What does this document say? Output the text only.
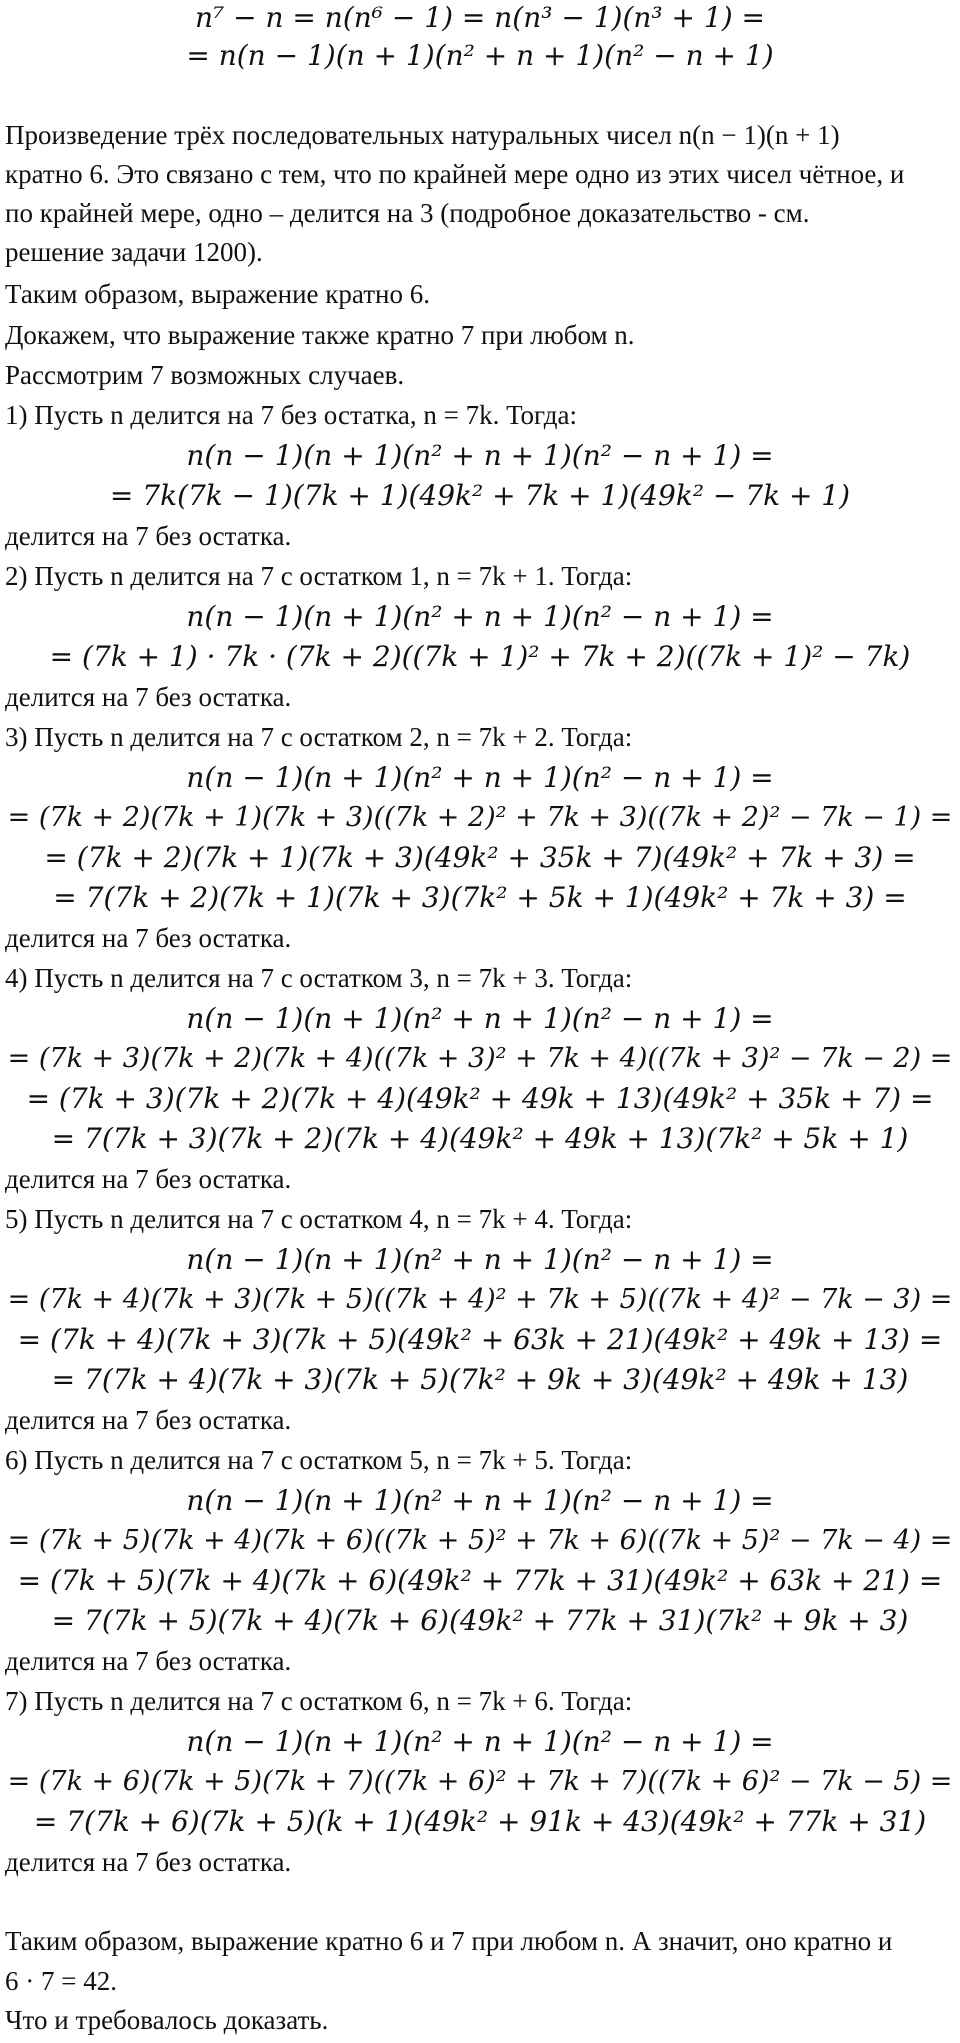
n⁷ − n = n(n⁶ − 1) = n(n³ − 1)(n³ + 1) =
= n(n − 1)(n + 1)(n² + n + 1)(n² − n + 1)
Произведение трёх последовательных натуральных чисел n(n − 1)(n + 1)
кратно 6. Это связано с тем, что по крайней мере одно из этих чисел чётное, и
по крайней мере, одно – делится на 3 (подробное доказательство - см.
решение задачи 1200).
Таким образом, выражение кратно 6.
Докажем, что выражение также кратно 7 при любом n.
Рассмотрим 7 возможных случаев.
1) Пусть n делится на 7 без остатка, n = 7k. Тогда:
n(n − 1)(n + 1)(n² + n + 1)(n² − n + 1) =
= 7k(7k − 1)(7k + 1)(49k² + 7k + 1)(49k² − 7k + 1)
делится на 7 без остатка.
2) Пусть n делится на 7 с остатком 1, n = 7k + 1. Тогда:
n(n − 1)(n + 1)(n² + n + 1)(n² − n + 1) =
= (7k + 1) · 7k · (7k + 2)((7k + 1)² + 7k + 2)((7k + 1)² − 7k)
делится на 7 без остатка.
3) Пусть n делится на 7 с остатком 2, n = 7k + 2. Тогда:
n(n − 1)(n + 1)(n² + n + 1)(n² − n + 1) =
= (7k + 2)(7k + 1)(7k + 3)((7k + 2)² + 7k + 3)((7k + 2)² − 7k − 1) =
= (7k + 2)(7k + 1)(7k + 3)(49k² + 35k + 7)(49k² + 7k + 3) =
= 7(7k + 2)(7k + 1)(7k + 3)(7k² + 5k + 1)(49k² + 7k + 3) =
делится на 7 без остатка.
4) Пусть n делится на 7 с остатком 3, n = 7k + 3. Тогда:
n(n − 1)(n + 1)(n² + n + 1)(n² − n + 1) =
= (7k + 3)(7k + 2)(7k + 4)((7k + 3)² + 7k + 4)((7k + 3)² − 7k − 2) =
= (7k + 3)(7k + 2)(7k + 4)(49k² + 49k + 13)(49k² + 35k + 7) =
= 7(7k + 3)(7k + 2)(7k + 4)(49k² + 49k + 13)(7k² + 5k + 1)
делится на 7 без остатка.
5) Пусть n делится на 7 с остатком 4, n = 7k + 4. Тогда:
n(n − 1)(n + 1)(n² + n + 1)(n² − n + 1) =
= (7k + 4)(7k + 3)(7k + 5)((7k + 4)² + 7k + 5)((7k + 4)² − 7k − 3) =
= (7k + 4)(7k + 3)(7k + 5)(49k² + 63k + 21)(49k² + 49k + 13) =
= 7(7k + 4)(7k + 3)(7k + 5)(7k² + 9k + 3)(49k² + 49k + 13)
делится на 7 без остатка.
6) Пусть n делится на 7 с остатком 5, n = 7k + 5. Тогда:
n(n − 1)(n + 1)(n² + n + 1)(n² − n + 1) =
= (7k + 5)(7k + 4)(7k + 6)((7k + 5)² + 7k + 6)((7k + 5)² − 7k − 4) =
= (7k + 5)(7k + 4)(7k + 6)(49k² + 77k + 31)(49k² + 63k + 21) =
= 7(7k + 5)(7k + 4)(7k + 6)(49k² + 77k + 31)(7k² + 9k + 3)
делится на 7 без остатка.
7) Пусть n делится на 7 с остатком 6, n = 7k + 6. Тогда:
n(n − 1)(n + 1)(n² + n + 1)(n² − n + 1) =
= (7k + 6)(7k + 5)(7k + 7)((7k + 6)² + 7k + 7)((7k + 6)² − 7k − 5) =
= 7(7k + 6)(7k + 5)(k + 1)(49k² + 91k + 43)(49k² + 77k + 31)
делится на 7 без остатка.
Таким образом, выражение кратно 6 и 7 при любом n. А значит, оно кратно и
6 · 7 = 42.
Что и требовалось доказать.
